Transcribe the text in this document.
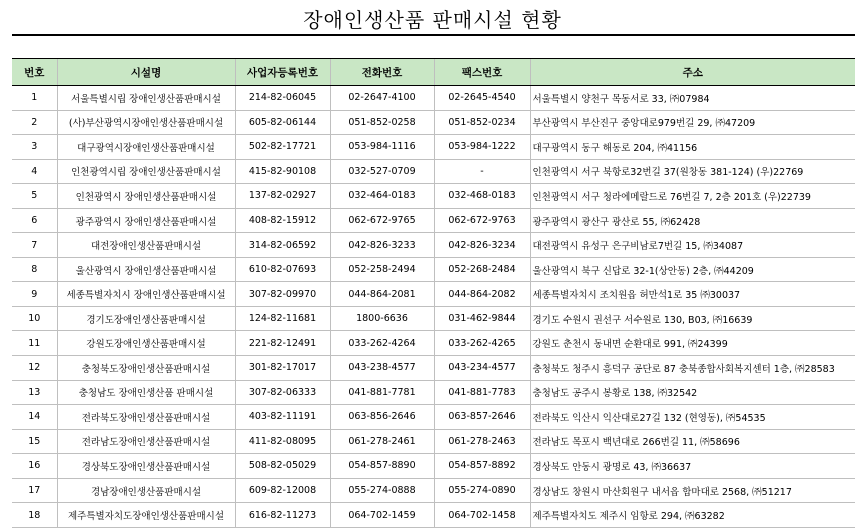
장애인생산품 판매시설 현황
번호	시설명	사업자등록번호	전화번호	팩스번호	주소
1	서울특별시립 장애인생산품판매시설	214-82-06045	02-2647-4100	02-2645-4540	서울특별시 양천구 목동서로 33, ㈜07984
2	(사)부산광역시장애인생산품판매시설	605-82-06144	051-852-0258	051-852-0234	부산광역시 부산진구 중앙대로979번길 29, ㈜47209
3	대구광역시장애인생산품판매시설	502-82-17721	053-984-1116	053-984-1222	대구광역시 동구 해동로 204, ㈜41156
4	인천광역시립 장애인생산품판매시설	415-82-90108	032-527-0709	-	인천광역시 서구 북항로32번길 37(원창동 381-124) (우)22769
5	인천광역시 장애인생산품판매시설	137-82-02927	032-464-0183	032-468-0183	인천광역시 서구 청라에메랄드로 76번길 7, 2층 201호 (우)22739
6	광주광역시 장애인생산품판매시설	408-82-15912	062-672-9765	062-672-9763	광주광역시 광산구 광산로 55, ㈜62428
7	대전장애인생산품판매시설	314-82-06592	042-826-3233	042-826-3234	대전광역시 유성구 은구비남로7번길 15, ㈜34087
8	울산광역시 장애인생산품판매시설	610-82-07693	052-258-2494	052-268-2484	울산광역시 북구 신답로 32-1(상안동) 2층, ㈜44209
9	세종특별자치시 장애인생산품판매시설	307-82-09970	044-864-2081	044-864-2082	세종특별자치시 조치원읍 허만석1로 35 ㈜30037
10	경기도장애인생산품판매시설	124-82-11681	1800-6636	031-462-9844	경기도 수원시 권선구 서수원로 130, B03, ㈜16639
11	강원도장애인생산품판매시설	221-82-12491	033-262-4264	033-262-4265	강원도 춘천시 동내면 순환대로 991, ㈜24399
12	충청북도장애인생산품판매시설	301-82-17017	043-238-4577	043-234-4577	충청북도 청주시 흥덕구 공단로 87 충북종합사회복지센터 1층, ㈜28583
13	충청남도 장애인생산품 판매시설	307-82-06333	041-881-7781	041-881-7783	충청남도 공주시 봉황로 138, ㈜32542
14	전라북도장애인생산품판매시설	403-82-11191	063-856-2646	063-857-2646	전라북도 익산시 익산대로27길 132 (현영동), ㈜54535
15	전라남도장애인생산품판매시설	411-82-08095	061-278-2461	061-278-2463	전라남도 목포시 백년대로 266번길 11, ㈜58696
16	경상북도장애인생산품판매시설	508-82-05029	054-857-8890	054-857-8892	경상북도 안동시 광명로 43, ㈜36637
17	경남장애인생산품판매시설	609-82-12008	055-274-0888	055-274-0890	경상남도 창원시 마산회원구 내서읍 합마대로 2568, ㈜51217
18	제주특별자치도장애인생산품판매시설	616-82-11273	064-702-1459	064-702-1458	제주특별자치도 제주시 임항로 294, ㈜63282
